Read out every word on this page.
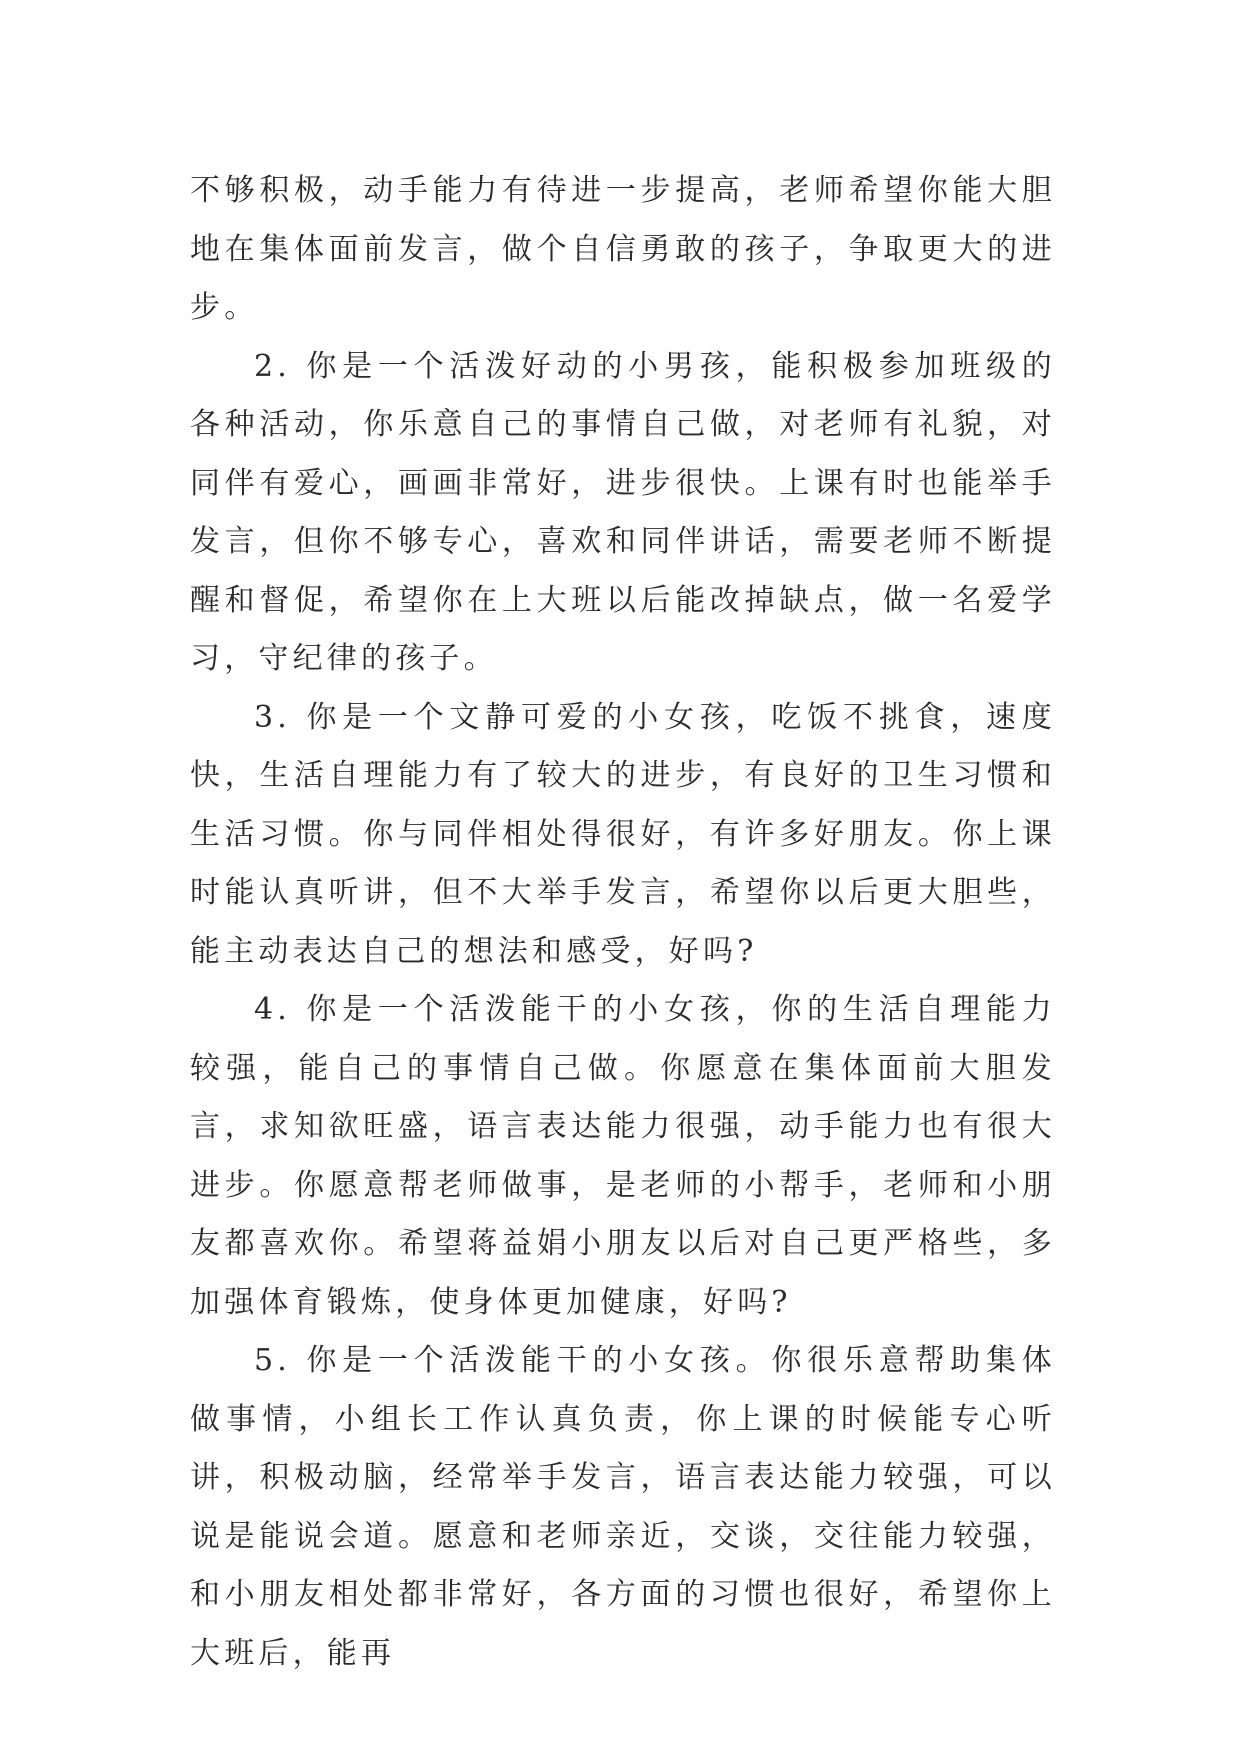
不够积极，动手能力有待进一步提高，老师希望你能大胆地在集体面前发言，做个自信勇敢的孩子，争取更大的进步。

2. 你是一个活泼好动的小男孩，能积极参加班级的各种活动，你乐意自己的事情自己做，对老师有礼貌，对同伴有爱心，画画非常好，进步很快。上课有时也能举手发言，但你不够专心，喜欢和同伴讲话，需要老师不断提醒和督促，希望你在上大班以后能改掉缺点，做一名爱学习，守纪律的孩子。

3. 你是一个文静可爱的小女孩，吃饭不挑食，速度快，生活自理能力有了较大的进步，有良好的卫生习惯和生活习惯。你与同伴相处得很好，有许多好朋友。你上课时能认真听讲，但不大举手发言，希望你以后更大胆些，能主动表达自己的想法和感受，好吗?

4. 你是一个活泼能干的小女孩，你的生活自理能力较强，能自己的事情自己做。你愿意在集体面前大胆发言，求知欲旺盛，语言表达能力很强，动手能力也有很大进步。你愿意帮老师做事，是老师的小帮手，老师和小朋友都喜欢你。希望蒋益娟小朋友以后对自己更严格些，多加强体育锻炼，使身体更加健康，好吗?

5. 你是一个活泼能干的小女孩。你很乐意帮助集体做事情，小组长工作认真负责，你上课的时候能专心听讲，积极动脑，经常举手发言，语言表达能力较强，可以说是能说会道。愿意和老师亲近，交谈，交往能力较强，和小朋友相处都非常好，各方面的习惯也很好，希望你上大班后，能再
